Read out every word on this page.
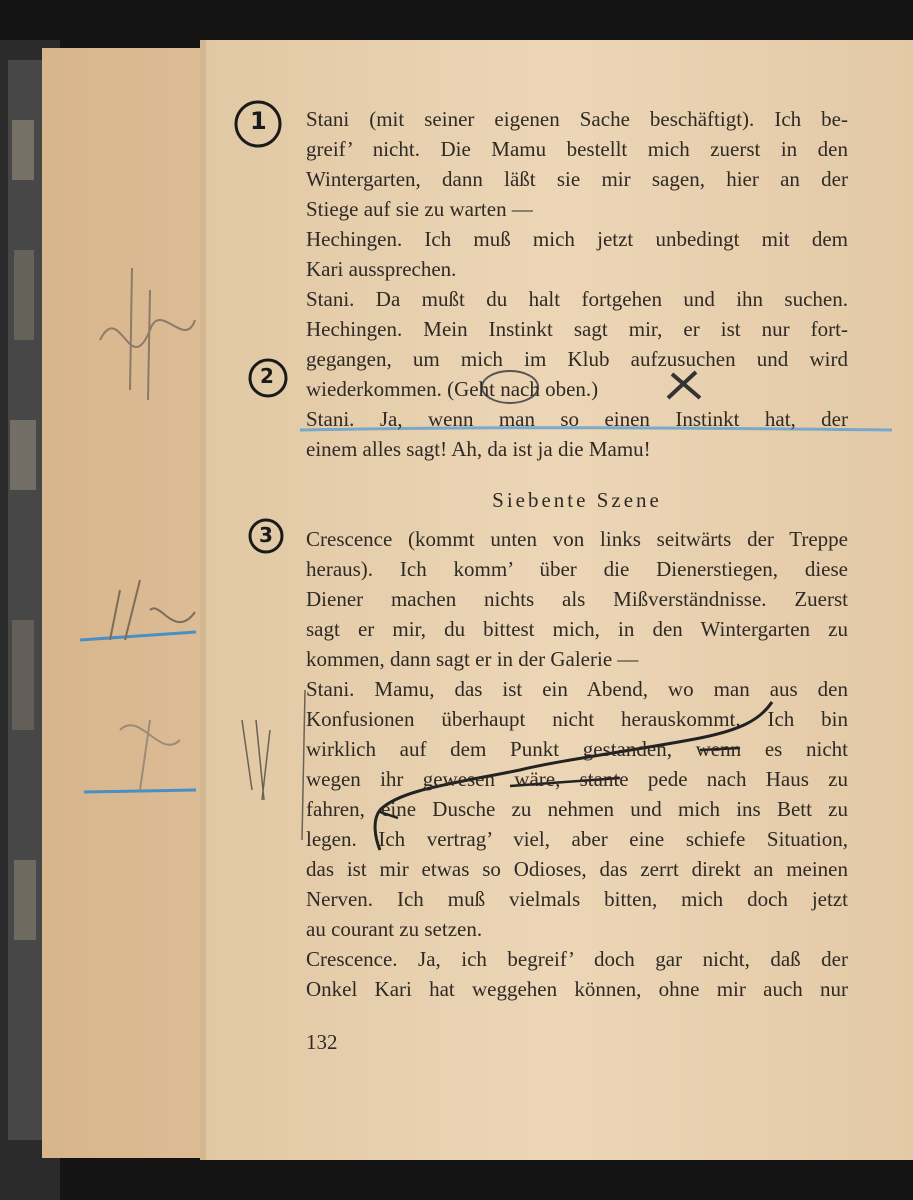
1
2
3
Stani (mit seiner eigenen Sache beschäftigt). Ich be-
greif’ nicht. Die Mamu bestellt mich zuerst in den
Wintergarten, dann läßt sie mir sagen, hier an der
Stiege auf sie zu warten —
Hechingen. Ich muß mich jetzt unbedingt mit dem
Kari aussprechen.
Stani. Da mußt du halt fortgehen und ihn suchen.
Hechingen. Mein Instinkt sagt mir, er ist nur fort-
gegangen, um mich im Klub aufzusuchen und wird
wiederkommen. (Geht nach oben.)
Stani. Ja, wenn man so einen Instinkt hat, der
einem alles sagt! Ah, da ist ja die Mamu!
Siebente Szene
Crescence (kommt unten von links seitwärts der Treppe
heraus). Ich komm’ über die Dienerstiegen, diese
Diener machen nichts als Mißverständnisse. Zuerst
sagt er mir, du bittest mich, in den Wintergarten zu
kommen, dann sagt er in der Galerie —
Stani. Mamu, das ist ein Abend, wo man aus den
Konfusionen überhaupt nicht herauskommt. Ich bin
wirklich auf dem Punkt gestanden, wenn es nicht
wegen ihr gewesen wäre, stante pede nach Haus zu
fahren, eine Dusche zu nehmen und mich ins Bett zu
legen. Ich vertrag’ viel, aber eine schiefe Situation,
das ist mir etwas so Odioses, das zerrt direkt an meinen
Nerven. Ich muß vielmals bitten, mich doch jetzt
au courant zu setzen.
Crescence. Ja, ich begreif’ doch gar nicht, daß der
Onkel Kari hat weggehen können, ohne mir auch nur
132
